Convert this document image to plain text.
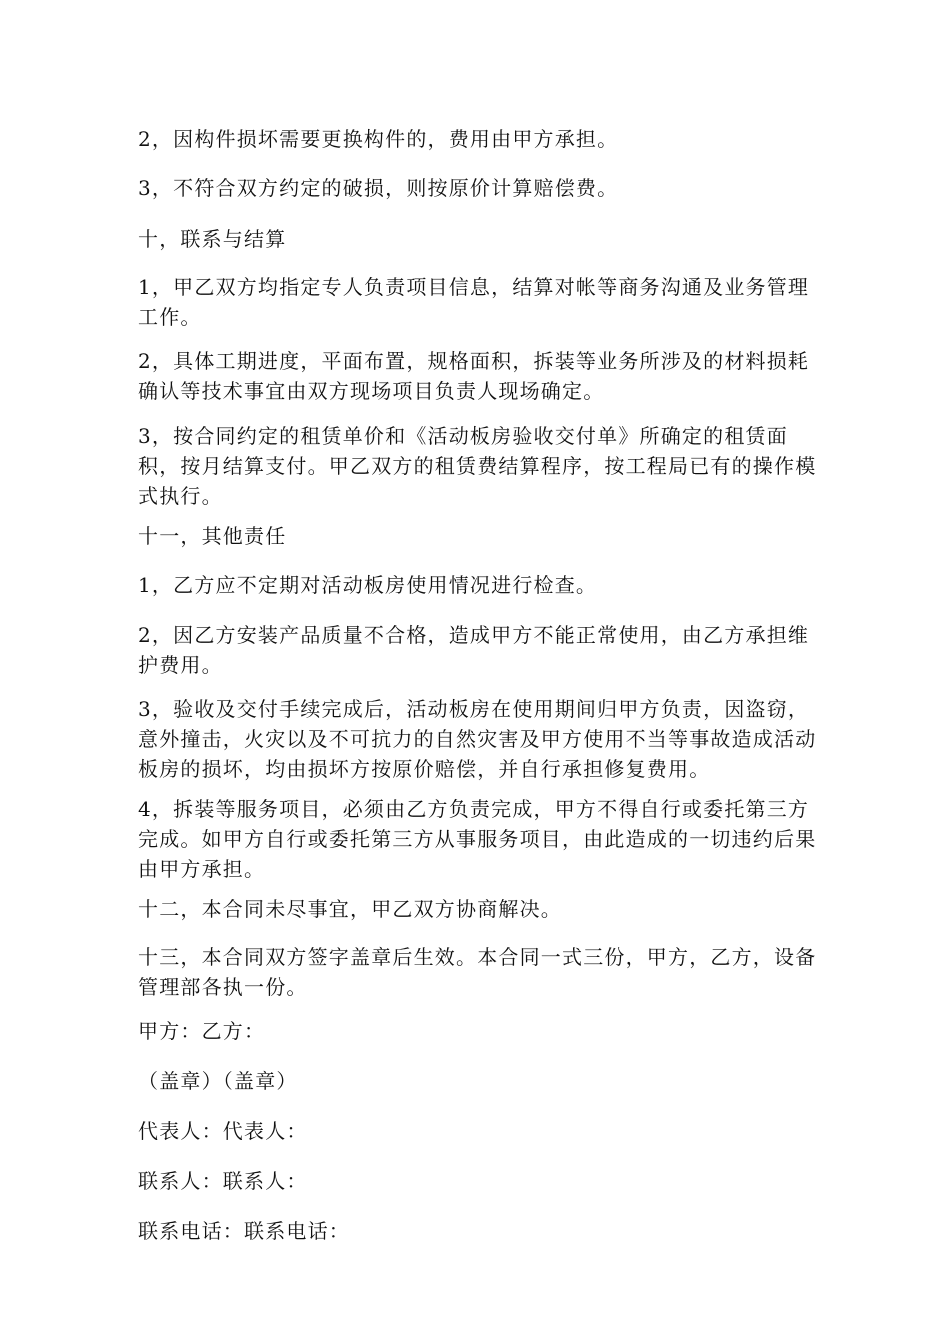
2，因构件损坏需要更换构件的，费用由甲方承担。

3，不符合双方约定的破损，则按原价计算赔偿费。

十，联系与结算

1，甲乙双方均指定专人负责项目信息，结算对帐等商务沟通及业务管理工作。

2，具体工期进度，平面布置，规格面积，拆装等业务所涉及的材料损耗确认等技术事宜由双方现场项目负责人现场确定。

3，按合同约定的租赁单价和《活动板房验收交付单》所确定的租赁面积，按月结算支付。甲乙双方的租赁费结算程序，按工程局已有的操作模式执行。

十一，其他责任

1，乙方应不定期对活动板房使用情况进行检查。

2，因乙方安装产品质量不合格，造成甲方不能正常使用，由乙方承担维护费用。

3，验收及交付手续完成后，活动板房在使用期间归甲方负责，因盗窃，意外撞击，火灾以及不可抗力的自然灾害及甲方使用不当等事故造成活动板房的损坏，均由损坏方按原价赔偿，并自行承担修复费用。

4，拆装等服务项目，必须由乙方负责完成，甲方不得自行或委托第三方完成。如甲方自行或委托第三方从事服务项目，由此造成的一切违约后果由甲方承担。

十二，本合同未尽事宜，甲乙双方协商解决。

十三，本合同双方签字盖章后生效。本合同一式三份，甲方，乙方，设备管理部各执一份。

甲方：乙方：

（盖章）（盖章）

代表人：代表人：

联系人：联系人：

联系电话：联系电话：
